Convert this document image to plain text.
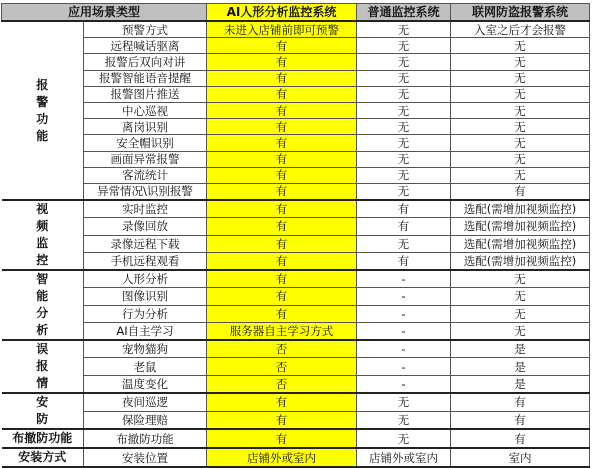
应用场景类型		AI人形分析监控系统	普通监控系统	联网防盗报警系统
报警功能	预警方式	未进入店铺前即可预警	无	入室之后才会报警
	远程喊话驱离	有	无	无
	报警后双向对讲	有	无	无
	报警智能语音提醒	有	无	无
	报警图片推送	有	无	无
	中心巡视	有	无	无
	离岗识别	有	无	无
	安全帽识别	有	无	无
	画面异常报警	有	无	无
	客流统计	有	无	无
	异常情况\识别报警	有	无	有
视频监控	实时监控	有	有	选配(需增加视频监控)
	录像回放	有	有	选配(需增加视频监控)
	录像远程下载	有	无	选配(需增加视频监控)
	手机远程观看	有	有	选配(需增加视频监控)
智能分析	人形分析	有	-	无
	图像识别	有	-	无
	行为分析	有	-	无
	AI自主学习	服务器自主学习方式	-	无
误报情	宠物猫狗	否	-	是
	老鼠	否	-	是
	温度变化	否	-	是
安防	夜间巡逻	有	无	有
	保险理赔	有	无	有
布撤防功能	布撤防功能	有	无	有
安装方式	安装位置	店铺外或室内	店铺外或室内	室内
